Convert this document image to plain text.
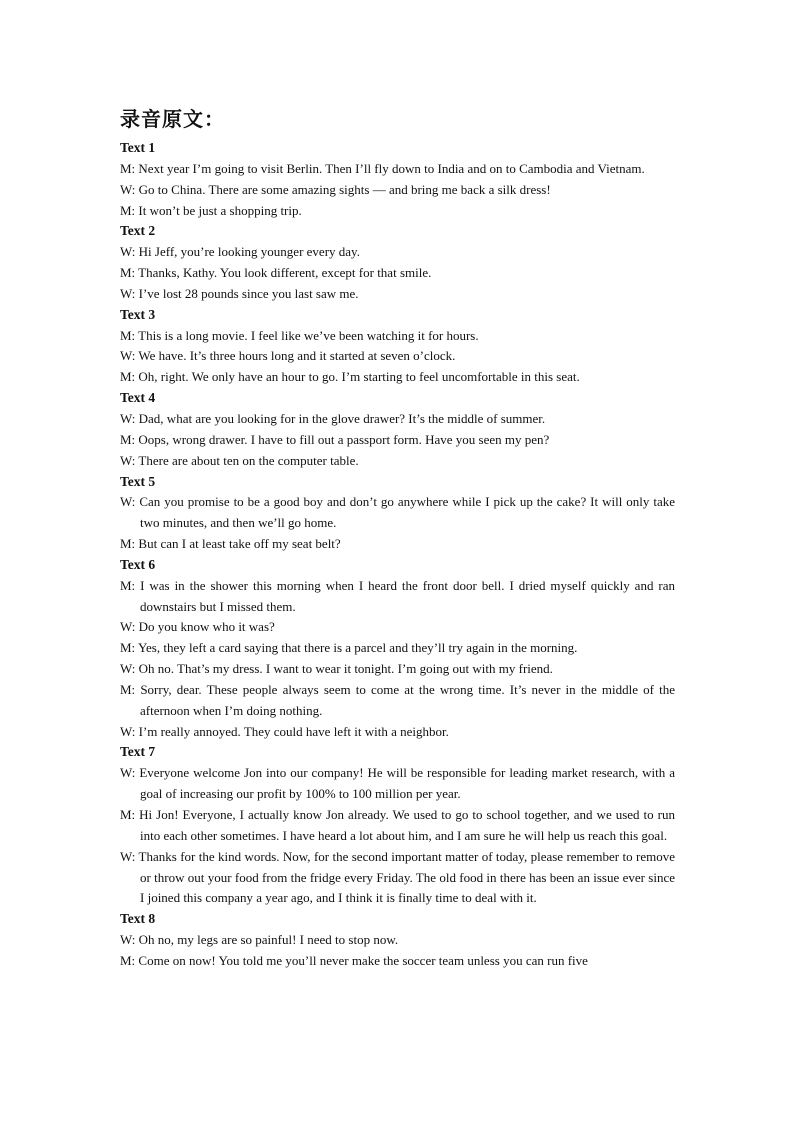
录音原文：
Text 1
M: Next year I’m going to visit Berlin. Then I’ll fly down to India and on to Cambodia and Vietnam.
W: Go to China. There are some amazing sights — and bring me back a silk dress!
M: It won’t be just a shopping trip.
Text 2
W: Hi Jeff, you’re looking younger every day.
M: Thanks, Kathy. You look different, except for that smile.
W: I’ve lost 28 pounds since you last saw me.
Text 3
M: This is a long movie. I feel like we’ve been watching it for hours.
W: We have. It’s three hours long and it started at seven o’clock.
M: Oh, right. We only have an hour to go. I’m starting to feel uncomfortable in this seat.
Text 4
W: Dad, what are you looking for in the glove drawer? It’s the middle of summer.
M: Oops, wrong drawer. I have to fill out a passport form. Have you seen my pen?
W: There are about ten on the computer table.
Text 5
W: Can you promise to be a good boy and don’t go anywhere while I pick up the cake? It will only take two minutes, and then we’ll go home.
M: But can I at least take off my seat belt?
Text 6
M: I was in the shower this morning when I heard the front door bell. I dried myself quickly and ran downstairs but I missed them.
W: Do you know who it was?
M: Yes, they left a card saying that there is a parcel and they’ll try again in the morning.
W: Oh no. That’s my dress. I want to wear it tonight. I’m going out with my friend.
M: Sorry, dear. These people always seem to come at the wrong time. It’s never in the middle of the afternoon when I’m doing nothing.
W: I’m really annoyed. They could have left it with a neighbor.
Text 7
W: Everyone welcome Jon into our company! He will be responsible for leading market research, with a goal of increasing our profit by 100% to 100 million per year.
M: Hi Jon! Everyone, I actually know Jon already. We used to go to school together, and we used to run into each other sometimes. I have heard a lot about him, and I am sure he will help us reach this goal.
W: Thanks for the kind words. Now, for the second important matter of today, please remember to remove or throw out your food from the fridge every Friday. The old food in there has been an issue ever since I joined this company a year ago, and I think it is finally time to deal with it.
Text 8
W: Oh no, my legs are so painful! I need to stop now.
M: Come on now! You told me you’ll never make the soccer team unless you can run five
